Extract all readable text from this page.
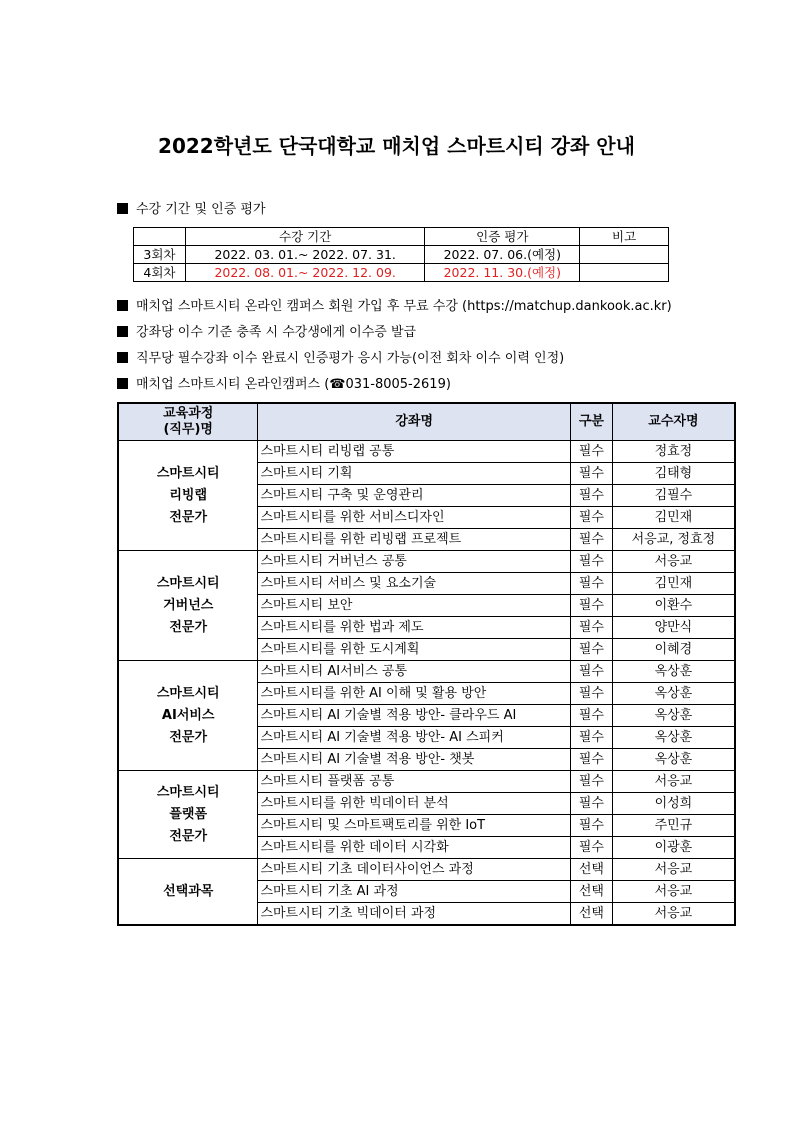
2022학년도 단국대학교 매치업 스마트시티 강좌 안내
수강 기간 및 인증 평가
	수강 기간	인증 평가	비고
3회차	2022. 03. 01.~ 2022. 07. 31.	2022. 07. 06.(예정)	
4회차	2022. 08. 01.~ 2022. 12. 09.	2022. 11. 30.(예정)	
매치업 스마트시티 온라인 캠퍼스 회원 가입 후 무료 수강 (https://matchup.dankook.ac.kr)
강좌당 이수 기준 충족 시 수강생에게 이수증 발급
직무당 필수강좌 이수 완료시 인증평가 응시 가능(이전 회차 이수 이력 인정)
매치업 스마트시티 온라인캠퍼스 (☎031-8005-2619)
교육과정
(직무)명	강좌명	구분	교수자명
스마트시티
리빙랩
전문가	스마트시티 리빙랩 공통	필수	정효정
	스마트시티 기획	필수	김태형
	스마트시티 구축 및 운영관리	필수	김필수
	스마트시티를 위한 서비스디자인	필수	김민재
	스마트시티를 위한 리빙랩 프로젝트	필수	서응교, 정효정
스마트시티
거버넌스
전문가	스마트시티 거버넌스 공통	필수	서응교
	스마트시티 서비스 및 요소기술	필수	김민재
	스마트시티 보안	필수	이환수
	스마트시티를 위한 법과 제도	필수	양만식
	스마트시티를 위한 도시계획	필수	이혜경
스마트시티
AI서비스
전문가	스마트시티 AI서비스 공통	필수	옥상훈
	스마트시티를 위한 AI 이해 및 활용 방안	필수	옥상훈
	스마트시티 AI 기술별 적용 방안- 클라우드 AI	필수	옥상훈
	스마트시티 AI 기술별 적용 방안- AI 스피커	필수	옥상훈
	스마트시티 AI 기술별 적용 방안- 챗봇	필수	옥상훈
스마트시티
플랫폼
전문가	스마트시티 플랫폼 공통	필수	서응교
	스마트시티를 위한 빅데이터 분석	필수	이성희
	스마트시티 및 스마트팩토리를 위한 IoT	필수	주민규
	스마트시티를 위한 데이터 시각화	필수	이광훈
선택과목	스마트시티 기초 데이터사이언스 과정	선택	서응교
	스마트시티 기초 AI 과정	선택	서응교
	스마트시티 기초 빅데이터 과정	선택	서응교
